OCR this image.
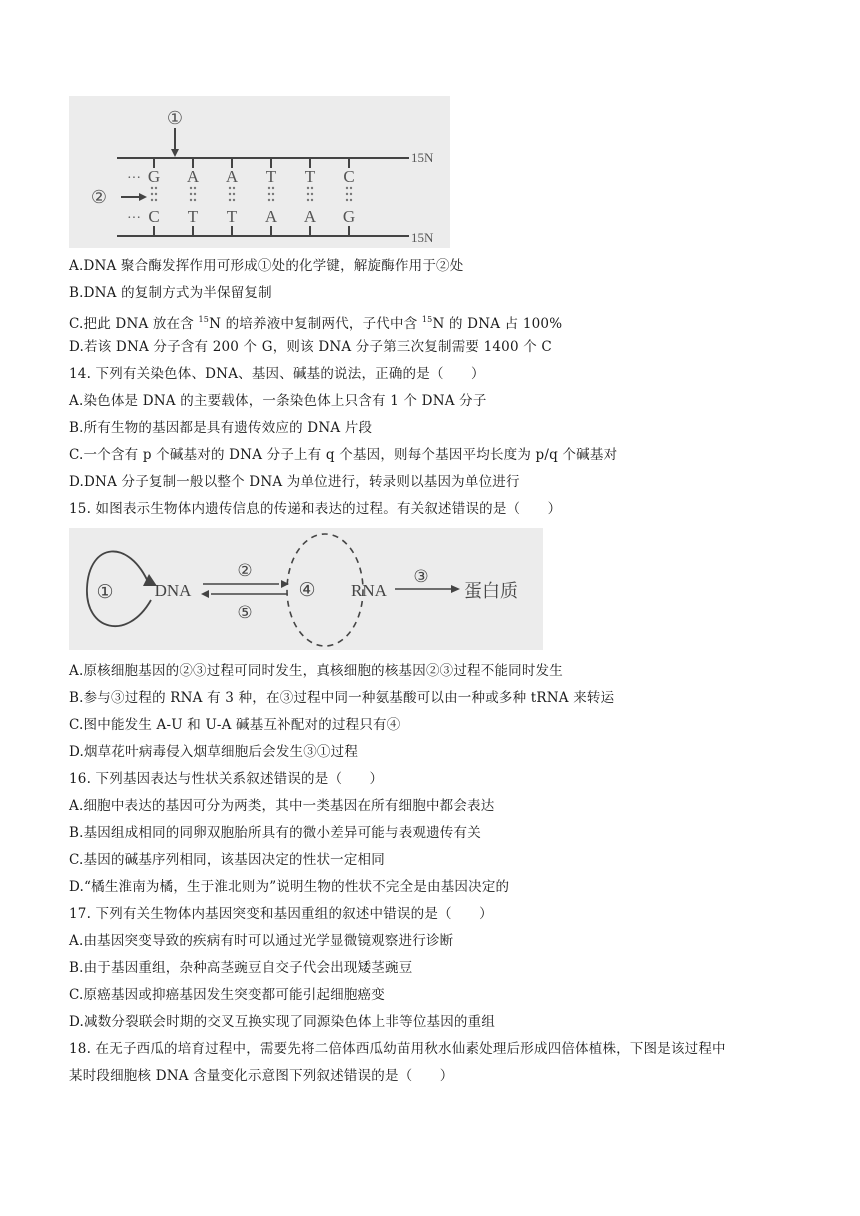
①
②
···
···
G A A T T C
C T T A A G
15N
15N
A.DNA 聚合酶发挥作用可形成①处的化学键，解旋酶作用于②处
B.DNA 的复制方式为半保留复制
C.把此 DNA 放在含 $^{15}$N 的培养液中复制两代，子代中含 $^{15}$N 的 DNA 占 100%
D.若该 DNA 分子含有 200 个 G，则该 DNA 分子第三次复制需要 1400 个 C
14. 下列有关染色体、DNA、基因、碱基的说法，正确的是（　　）
A.染色体是 DNA 的主要载体，一条染色体上只含有 1 个 DNA 分子
B.所有生物的基因都是具有遗传效应的 DNA 片段
C.一个含有 p 个碱基对的 DNA 分子上有 q 个基因，则每个基因平均长度为 p/q 个碱基对
D.DNA 分子复制一般以整个 DNA 为单位进行，转录则以基因为单位进行
15. 如图表示生物体内遗传信息的传递和表达的过程。有关叙述错误的是（　　）
① DNA
②
⑤
④ RNA
③
蛋白质
A.原核细胞基因的②③过程可同时发生，真核细胞的核基因②③过程不能同时发生
B.参与③过程的 RNA 有 3 种，在③过程中同一种氨基酸可以由一种或多种 tRNA 来转运
C.图中能发生 A-U 和 U-A 碱基互补配对的过程只有④
D.烟草花叶病毒侵入烟草细胞后会发生③①过程
16. 下列基因表达与性状关系叙述错误的是（　　）
A.细胞中表达的基因可分为两类，其中一类基因在所有细胞中都会表达
B.基因组成相同的同卵双胞胎所具有的微小差异可能与表观遗传有关
C.基因的碱基序列相同，该基因决定的性状一定相同
D.“橘生淮南为橘，生于淮北则为”说明生物的性状不完全是由基因决定的
17. 下列有关生物体内基因突变和基因重组的叙述中错误的是（　　）
A.由基因突变导致的疾病有时可以通过光学显微镜观察进行诊断
B.由于基因重组，杂种高茎豌豆自交子代会出现矮茎豌豆
C.原癌基因或抑癌基因发生突变都可能引起细胞癌变
D.减数分裂联会时期的交叉互换实现了同源染色体上非等位基因的重组
18. 在无子西瓜的培育过程中，需要先将二倍体西瓜幼苗用秋水仙素处理后形成四倍体植株，下图是该过程中
某时段细胞核 DNA 含量变化示意图下列叙述错误的是（　　）
